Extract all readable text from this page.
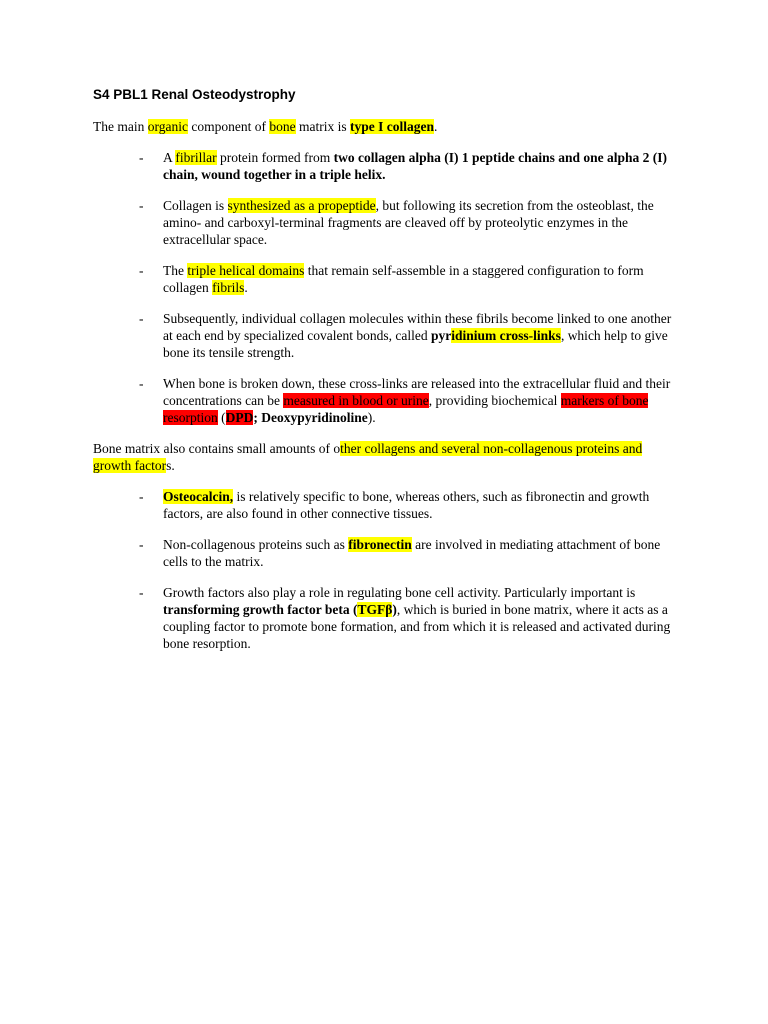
S4 PBL1 Renal Osteodystrophy

The main organic component of bone matrix is type I collagen.

- A fibrillar protein formed from two collagen alpha (I) 1 peptide chains and one alpha 2 (I) chain, wound together in a triple helix.
- Collagen is synthesized as a propeptide, but following its secretion from the osteoblast, the amino- and carboxyl-terminal fragments are cleaved off by proteolytic enzymes in the extracellular space.
- The triple helical domains that remain self-assemble in a staggered configuration to form collagen fibrils.
- Subsequently, individual collagen molecules within these fibrils become linked to one another at each end by specialized covalent bonds, called pyridinium cross-links, which help to give bone its tensile strength.
- When bone is broken down, these cross-links are released into the extracellular fluid and their concentrations can be measured in blood or urine, providing biochemical markers of bone resorption (DPD; Deoxypyridinoline).

Bone matrix also contains small amounts of other collagens and several non-collagenous proteins and growth factors.

- Osteocalcin, is relatively specific to bone, whereas others, such as fibronectin and growth factors, are also found in other connective tissues.
- Non-collagenous proteins such as fibronectin are involved in mediating attachment of bone cells to the matrix.
- Growth factors also play a role in regulating bone cell activity. Particularly important is transforming growth factor beta (TGFβ), which is buried in bone matrix, where it acts as a coupling factor to promote bone formation, and from which it is released and activated during bone resorption.
